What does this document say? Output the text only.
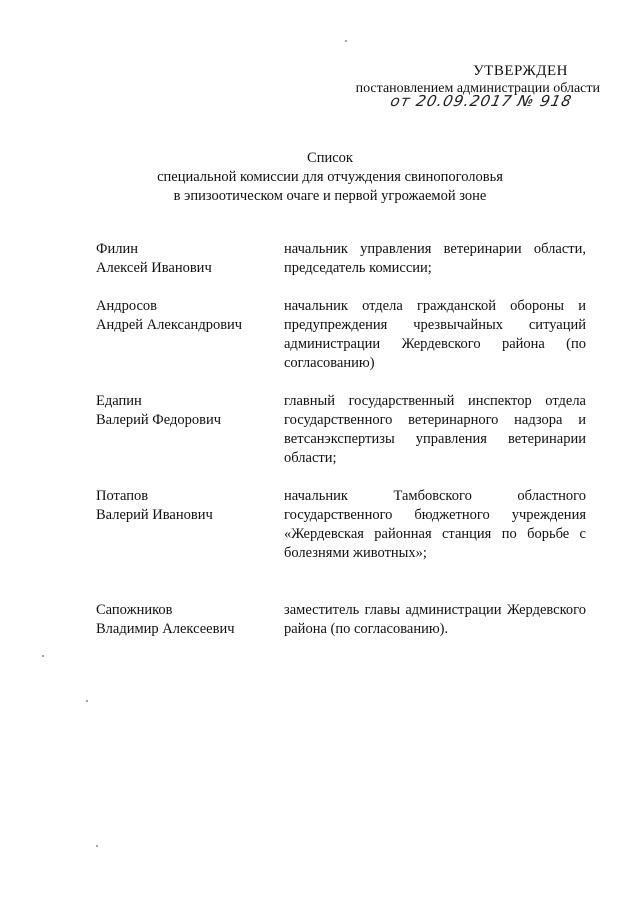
УТВЕРЖДЕН
постановлением администрации области
от 20.09.2017 № 918
Список
специальной комиссии для отчуждения свинопоголовья
в эпизоотическом очаге и первой угрожаемой зоне
Филин
Алексей Иванович
начальник управления ветеринарии области, председатель комиссии;
Андросов
Андрей Александрович
начальник отдела гражданской обороны и предупреждения чрезвычайных ситуаций администрации Жердевского района (по согласованию)
Едапин
Валерий Федорович
главный государственный инспектор отдела государственного ветеринарного надзора и ветсанэкспертизы управления ветеринарии области;
Потапов
Валерий Иванович
начальник Тамбовского областного государственного бюджетного учреждения «Жердевская районная станция по борьбе с болезнями животных»;
Сапожников
Владимир Алексеевич
заместитель главы администрации Жердевского района (по согласованию).
